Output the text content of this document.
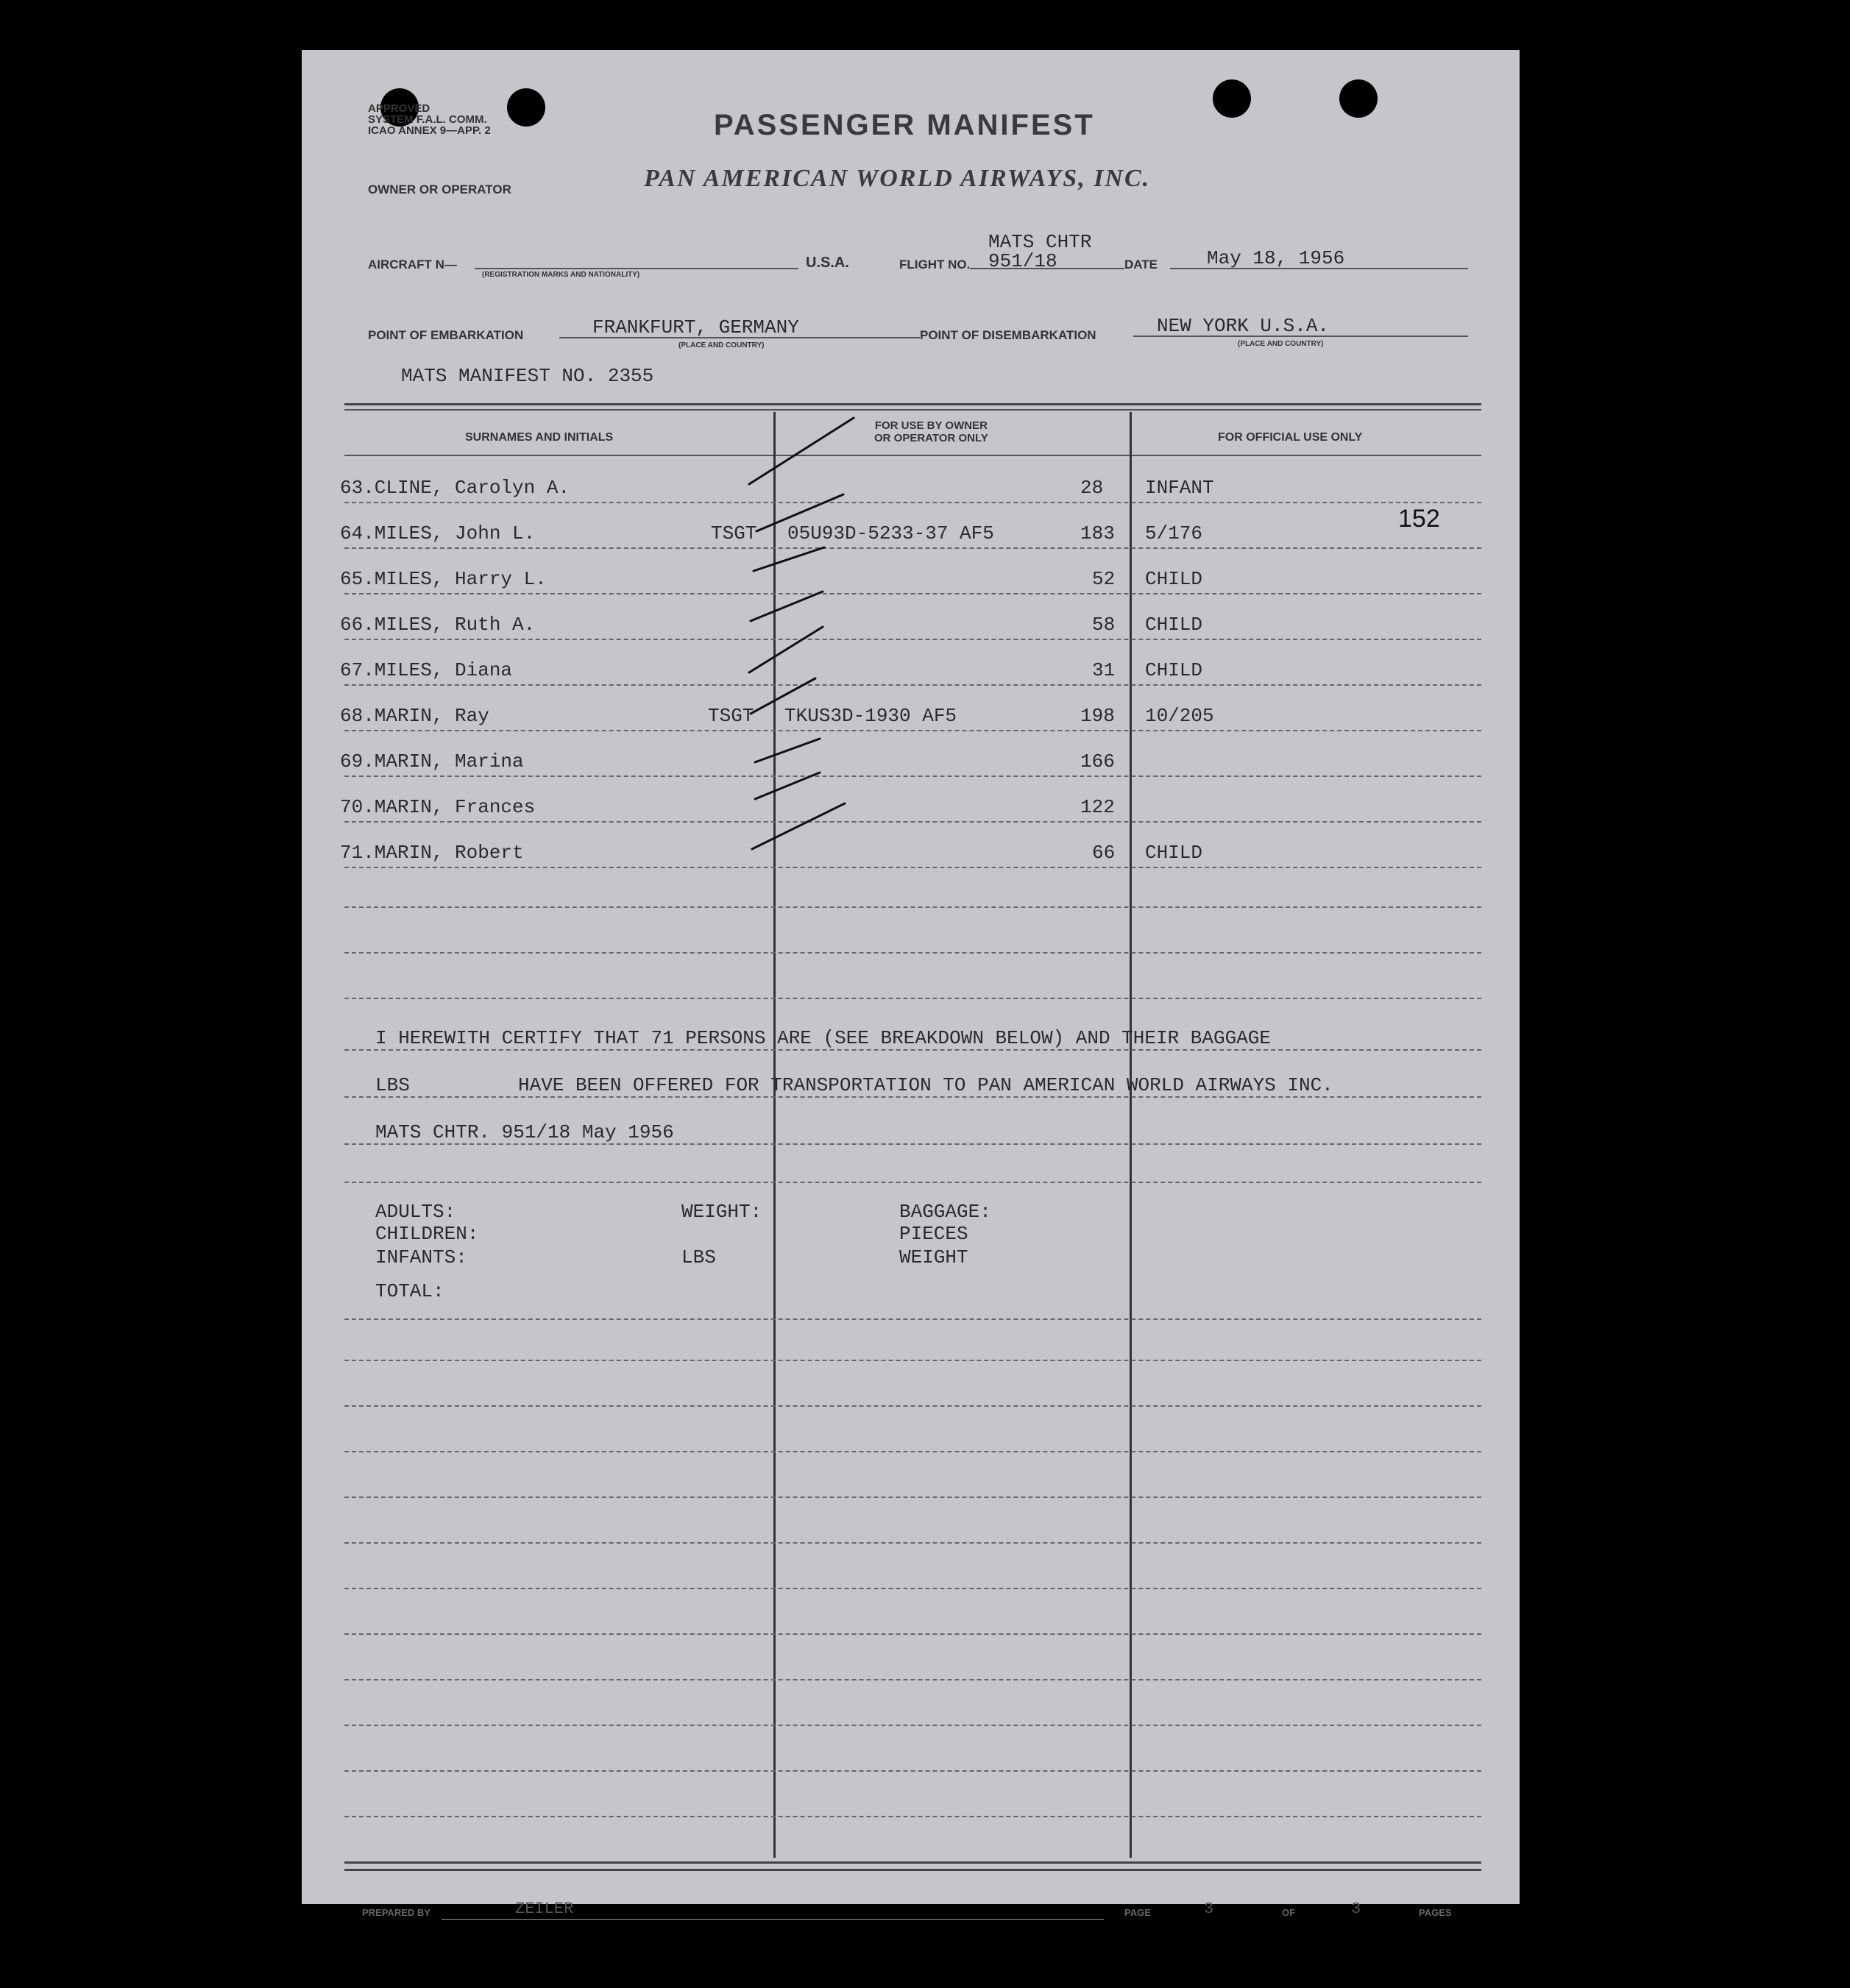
APPROVED
SYSTEM F.A.L. COMM.
ICAO ANNEX 9—APP. 2	PASSENGER MANIFEST
OWNER OR OPERATOR	PAN AMERICAN WORLD AIRWAYS, INC.
AIRCRAFT N—
(REGISTRATION MARKS AND NATIONALITY)
U.S.A.	FLIGHT NO.
MATS CHTR
951/18	DATE	May 18, 1956
POINT OF EMBARKATION	FRANKFURT, GERMANY
(PLACE AND COUNTRY)
POINT OF DISEMBARKATION	NEW YORK U.S.A.
(PLACE AND COUNTRY)
MATS MANIFEST NO. 2355
152
SURNAMES AND INITIALS
FOR USE BY OWNER
OR OPERATOR ONLY	FOR OFFICIAL USE ONLY
63.CLINE, Carolyn A.	28 INFANT
64.MILES, John L.	TSGT 05U93D-5233-37 AF5	183 5/176
65.MILES, Harry L.	52 CHILD
66.MILES, Ruth A.	58 CHILD
67.MILES, Diana	31 CHILD
68.MARIN, Ray	TSGT TKUS3D-1930 AF5	198 10/205
69.MARIN, Marina	166
70.MARIN, Frances	122
71.MARIN, Robert	66 CHILD
I HEREWITH CERTIFY THAT 71 PERSONS ARE (SEE BREAKDOWN BELOW) AND THEIR BAGGAGE
LBS	HAVE BEEN OFFERED FOR TRANSPORTATION TO PAN AMERICAN WORLD AIRWAYS INC.
MATS CHTR. 951/18 May 1956
ADULTS:
CHILDREN:
INFANTS:
TOTAL:
WEIGHT:
LBS
BAGGAGE:
PIECES
WEIGHT
PREPARED BY	ZEILER	PAGE	3	OF	3	PAGES
